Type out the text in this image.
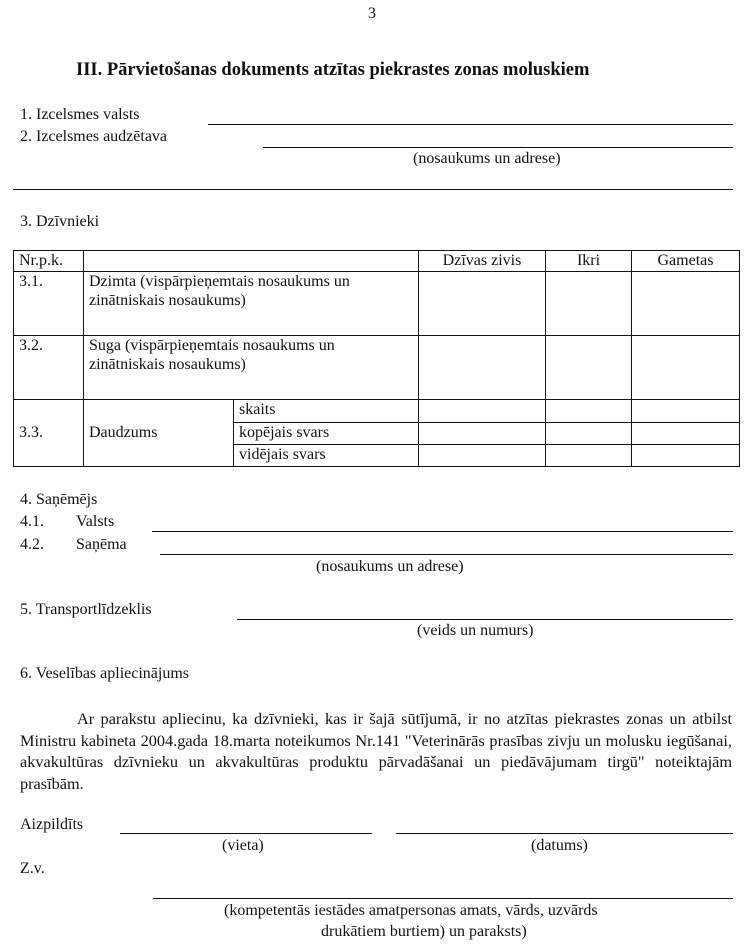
3
III. Pārvietošanas dokuments atzītas piekrastes zonas moluskiem
1. Izcelsmes valsts
2. Izcelsmes audzētava
(nosaukums un adrese)
3. Dzīvnieki
Nr.p.k.			Dzīvas zivis	Ikri	Gametas
3.1.	Dzimta (vispārpieņemtais nosaukums un zinātniskais nosaukums)				
3.2.	Suga (vispārpieņemtais nosaukums un zinātniskais nosaukums)				
3.3.	Daudzums	skaits			
		kopējais svars			
		vidējais svars			
4. Saņēmējs
4.1. Valsts
4.2. Saņēma
(nosaukums un adrese)
5. Transportlīdzeklis
(veids un numurs)
6. Veselības apliecinājums
Ar parakstu apliecinu, ka dzīvnieki, kas ir šajā sūtījumā, ir no atzītas piekrastes zonas un atbilst Ministru kabineta 2004.gada 18.marta noteikumos Nr.141 "Veterinārās prasības zivju un molusku iegūšanai, akvakultūras dzīvnieku un akvakultūras produktu pārvadāšanai un piedāvājumam tirgū" noteiktajām prasībām.
Aizpildīts
(vieta)	(datums)
Z.v.
(kompetentās iestādes amatpersonas amats, vārds, uzvārds
drukātiem burtiem) un paraksts)
